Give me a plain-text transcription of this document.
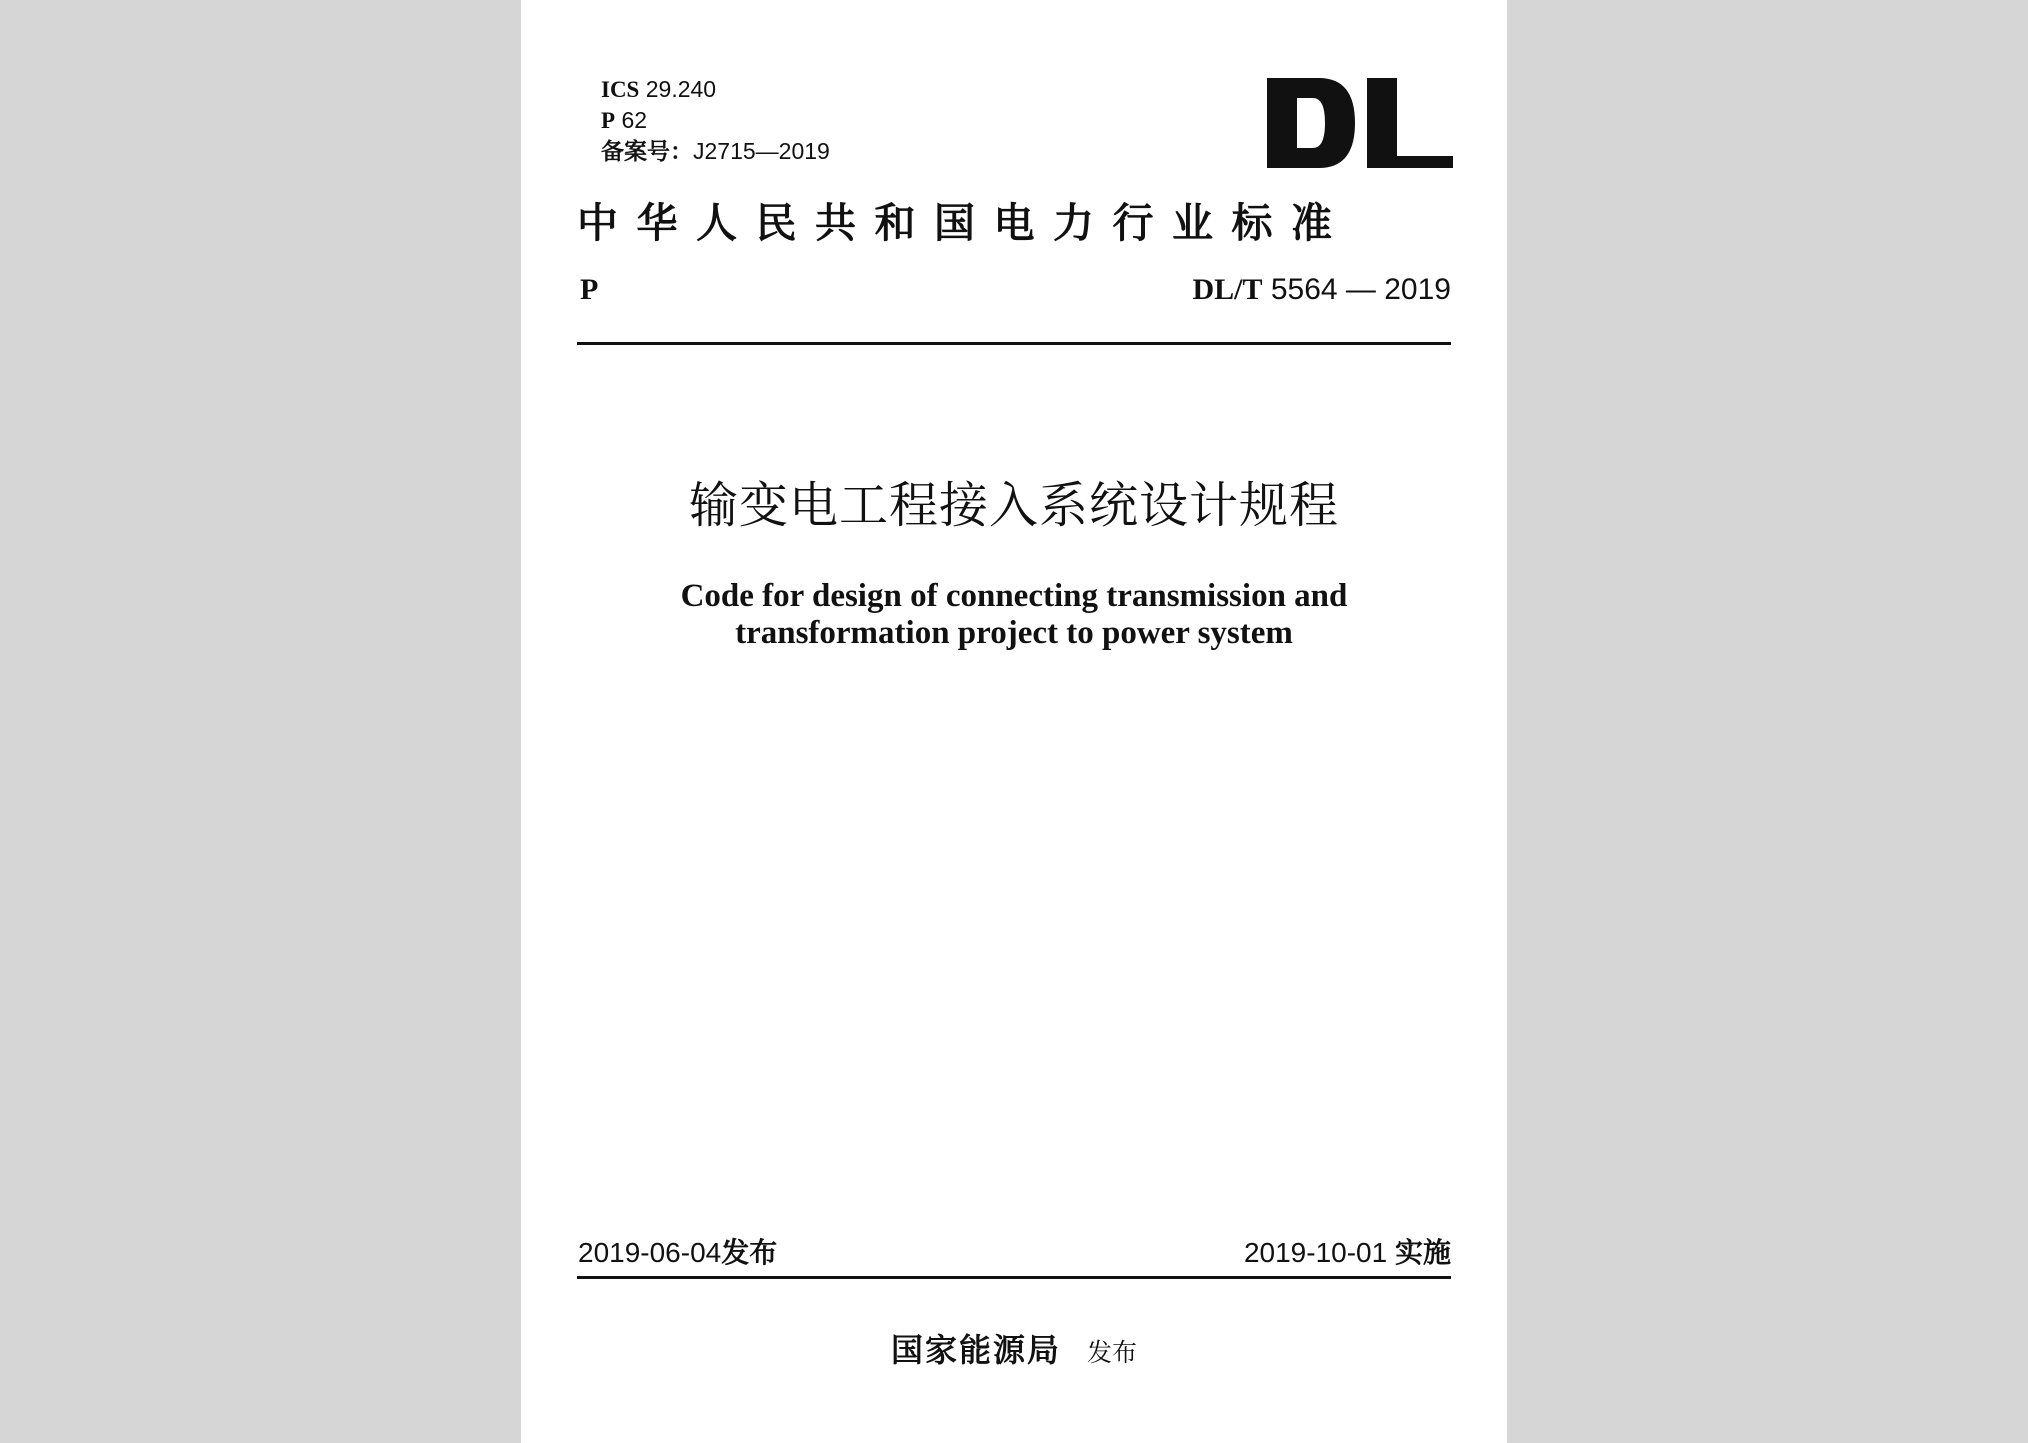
ICS 29.240
P 62
备案号：J2715—2019
中华人民共和国电力行业标准
P	DL/T 5564 — 2019
输变电工程接入系统设计规程
Code for design of connecting transmission and
transformation project to power system
2019-06-04发布	2019-10-01 实施
国家能源局 发布
